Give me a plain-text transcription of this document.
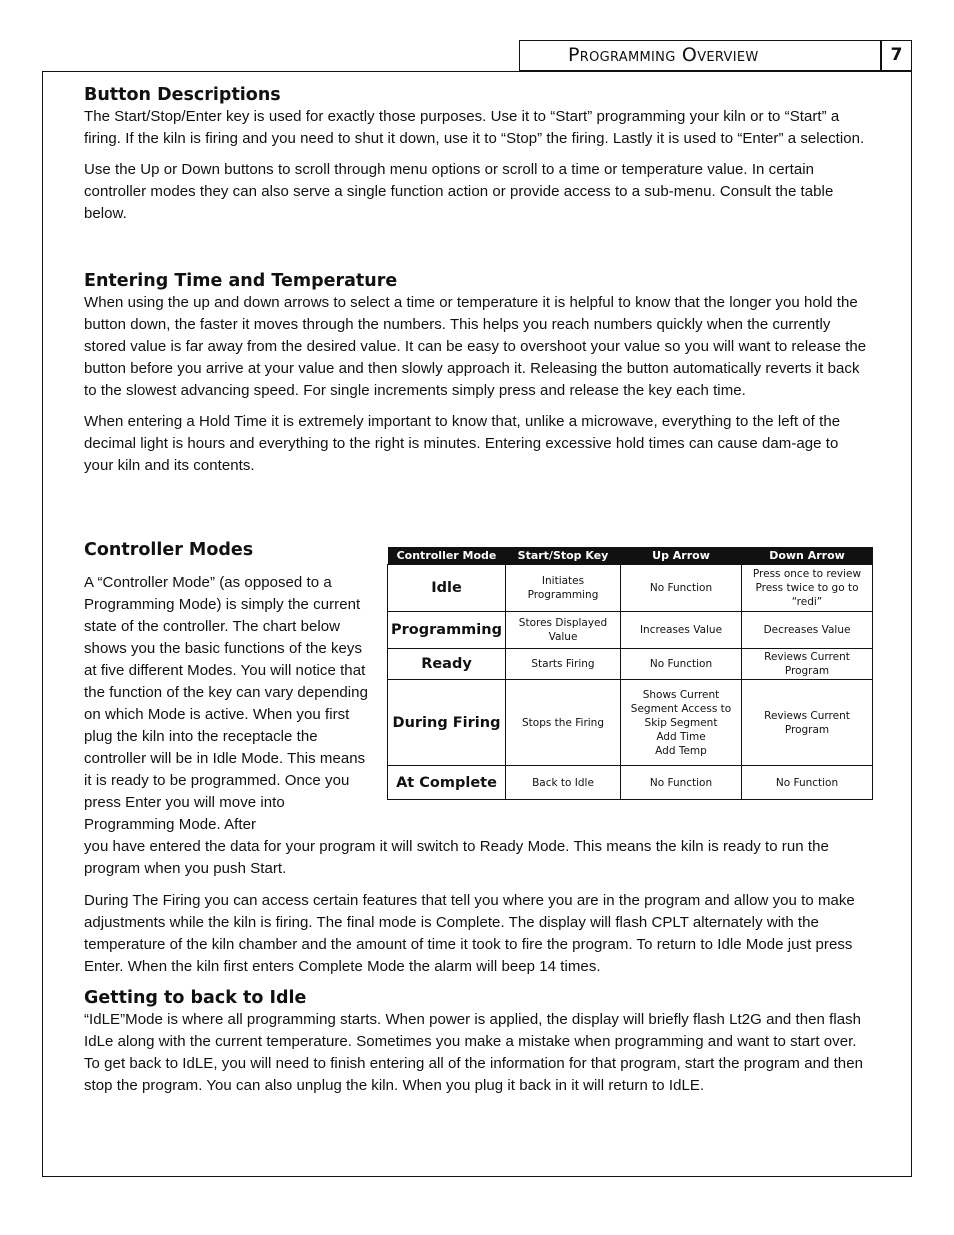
Programming Overview	7
Button Descriptions

The Start/Stop/Enter key is used for exactly those purposes. Use it to “Start” programming your kiln or to “Start” a firing. If the kiln is firing and you need to shut it down, use it to “Stop” the firing. Lastly it is used to “Enter” a selection.

Use the Up or Down buttons to scroll through menu options or scroll to a time or temperature value. In certain controller modes they can also serve a single function action or provide access to a sub-menu. Consult the table below.

Entering Time and Temperature

When using the up and down arrows to select a time or temperature it is helpful to know that the longer you hold the button down, the faster it moves through the numbers. This helps you reach numbers quickly when the currently stored value is far away from the desired value. It can be easy to overshoot your value so you will want to release the button before you arrive at your value and then slowly approach it. Releasing the button automatically reverts it back to the slowest advancing speed. For single increments simply press and release the key each time.

When entering a Hold Time it is extremely important to know that, unlike a microwave, everything to the left of the decimal light is hours and everything to the right is minutes. Entering excessive hold times can cause dam-age to your kiln and its contents.

Controller Modes

A “Controller Mode” (as opposed to a Programming Mode) is simply the current state of the controller. The chart below shows you the basic functions of the keys at five different Modes. You will notice that the function of the key can vary depending on which Mode is active. When you first plug the kiln into the receptacle the controller will be in Idle Mode. This means it is ready to be programmed. Once you press Enter you will move into Programming Mode. After

you have entered the data for your program it will switch to Ready Mode. This means the kiln is ready to run the program when you push Start.

During The Firing you can access certain features that tell you where you are in the program and allow you to make adjustments while the kiln is firing. The final mode is Complete. The display will flash CPLT alternately with the temperature of the kiln chamber and the amount of time it took to fire the program. To return to Idle Mode just press Enter. When the kiln first enters Complete Mode the alarm will beep 14 times.

Getting to back to Idle

“IdLE”Mode is where all programming starts. When power is applied, the display will briefly flash Lt2G and then flash IdLe along with the current temperature. Sometimes you make a mistake when programming and want to start over. To get back to IdLE, you will need to finish entering all of the information for that program, start the program and then stop the program. You can also unplug the kiln. When you plug it back in it will return to IdLE.

Controller Mode	Start/Stop Key	Up Arrow	Down Arrow
Idle	Initiates Programming	No Function	Press once to review
Press twice to go to
“redi”

Programming	Stores Displayed
Value	Increases Value	Decreases Value

Ready	Starts Firing	No Function	Reviews Current
Program

During Firing	Stops the Firing	Shows Current
Segment Access to
Skip Segment
Add Time
Add Temp	Reviews Current
Program

At Complete	Back to Idle	No Function	No Function
